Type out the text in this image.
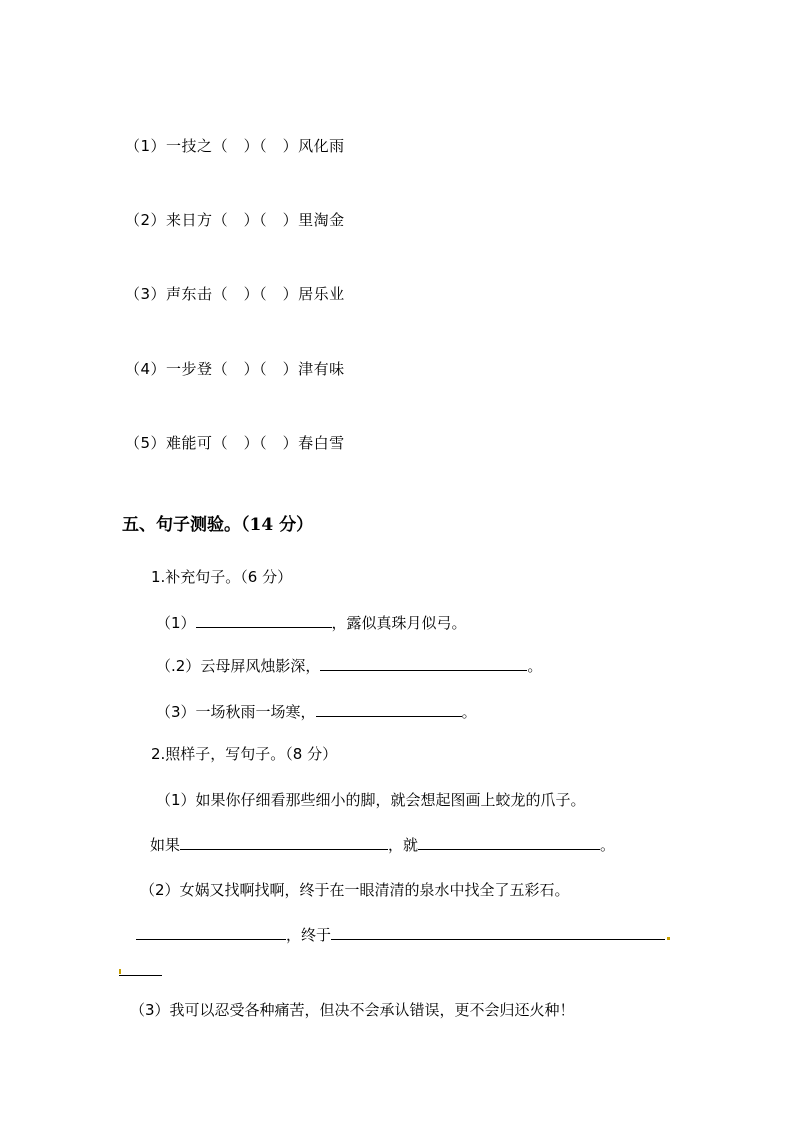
（1）一技之（　）（　）风化雨
（2）来日方（　）（　）里淘金
（3）声东击（　）（　）居乐业
（4）一步登（　）（　）津有味
（5）难能可（　）（　）春白雪
五、句子测验。（14 分）
1.补充句子。（6 分）
（1）	，露似真珠月似弓。
（.2）云母屏风烛影深，	。
（3）一场秋雨一场寒，	。
2.照样子，写句子。（8 分）
（1）如果你仔细看那些细小的脚，就会想起图画上蛟龙的爪子。
如果	，就	。
（2）女娲又找啊找啊，终于在一眼清清的泉水中找全了五彩石。
，终于
（3）我可以忍受各种痛苦，但决不会承认错误，更不会归还火种！
